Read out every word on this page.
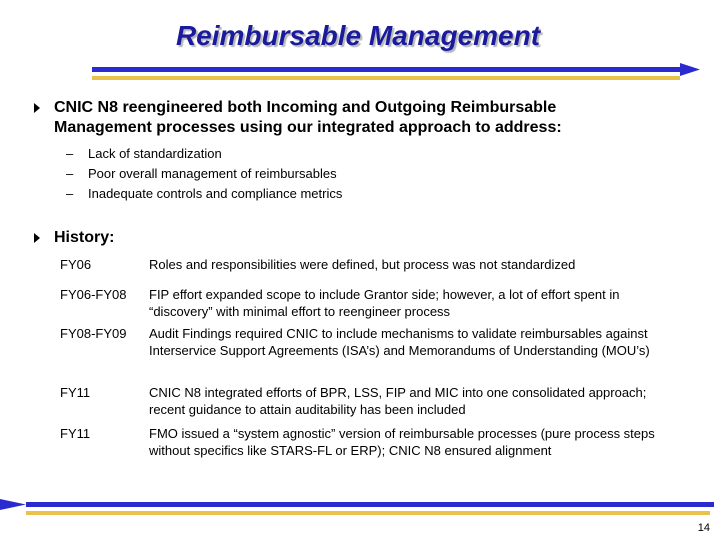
Reimbursable Management
CNIC N8 reengineered both Incoming and Outgoing Reimbursable Management processes using our integrated approach to address:
– Lack of standardization
– Poor overall management of reimbursables
– Inadequate controls and compliance metrics
History:
FY06	Roles and responsibilities were defined, but process was not standardized
FY06-FY08 FIP effort expanded scope to include Grantor side; however, a lot of effort spent in “discovery” with minimal effort to reengineer process
FY08-FY09 Audit Findings required CNIC to include mechanisms to validate reimbursables against Interservice Support Agreements (ISA’s) and Memorandums of Understanding (MOU’s)
FY11	CNIC N8 integrated efforts of BPR, LSS, FIP and MIC into one consolidated approach; recent guidance to attain auditability has been included
FY11	FMO issued a “system agnostic” version of reimbursable processes (pure process steps without specifics like STARS-FL or ERP); CNIC N8 ensured alignment
14
